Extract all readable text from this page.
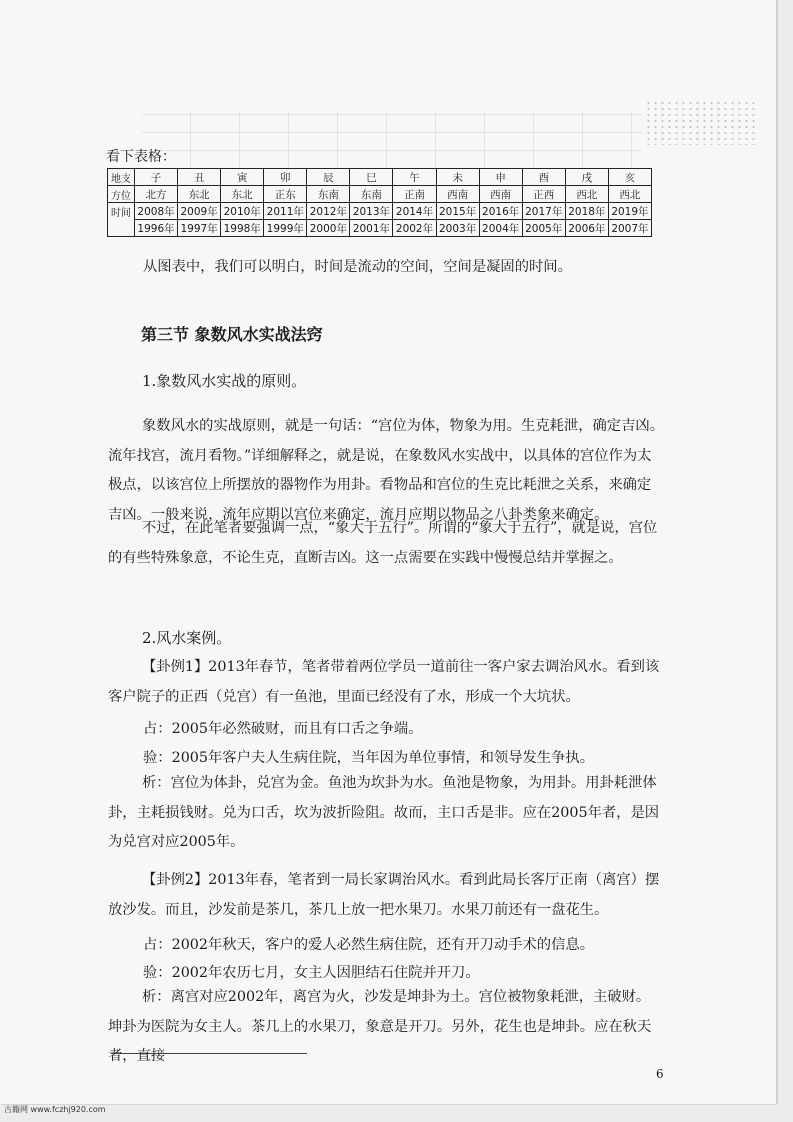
看下表格：
地支	子	丑	寅	卯	辰	巳	午	未	申	酉	戌	亥
方位	北方	东北	东北	正东	东南	东南	正南	西南	西南	正西	西北	西北
时间	2008年	2009年	2010年	2011年	2012年	2013年	2014年	2015年	2016年	2017年	2018年	2019年
	1996年	1997年	1998年	1999年	2000年	2001年	2002年	2003年	2004年	2005年	2006年	2007年
从图表中，我们可以明白，时间是流动的空间，空间是凝固的时间。
第三节 象数风水实战法窍
1.象数风水实战的原则。

象数风水的实战原则，就是一句话：“宫位为体，物象为用。生克耗泄，确定吉凶。流年找宫，流月看物。”详细解释之，就是说，在象数风水实战中，以具体的宫位作为太极点，以该宫位上所摆放的器物作为用卦。看物品和宫位的生克比耗泄之关系，来确定吉凶。一般来说，流年应期以宫位来确定，流月应期以物品之八卦类象来确定。

不过，在此笔者要强调一点，“象大于五行”。所谓的“象大于五行”，就是说，宫位的有些特殊象意，不论生克，直断吉凶。这一点需要在实践中慢慢总结并掌握之。

2.风水案例。

【卦例1】2013年春节，笔者带着两位学员一道前往一客户家去调治风水。看到该客户院子的正西（兑宫）有一鱼池，里面已经没有了水，形成一个大坑状。

占：2005年必然破财，而且有口舌之争端。
验：2005年客户夫人生病住院，当年因为单位事情，和领导发生争执。

析：宫位为体卦，兑宫为金。鱼池为坎卦为水。鱼池是物象，为用卦。用卦耗泄体卦，主耗损钱财。兑为口舌，坎为波折险阻。故而，主口舌是非。应在2005年者，是因为兑宫对应2005年。

【卦例2】2013年春，笔者到一局长家调治风水。看到此局长客厅正南（离宫）摆放沙发。而且，沙发前是茶几，茶几上放一把水果刀。水果刀前还有一盘花生。

占：2002年秋天，客户的爱人必然生病住院，还有开刀动手术的信息。
验：2002年农历七月，女主人因胆结石住院并开刀。

析：离宫对应2002年，离宫为火，沙发是坤卦为土。宫位被物象耗泄，主破财。坤卦为医院为女主人。茶几上的水果刀，象意是开刀。另外，花生也是坤卦。应在秋天者，直接

6
古籍网 www.fczhj920.com
